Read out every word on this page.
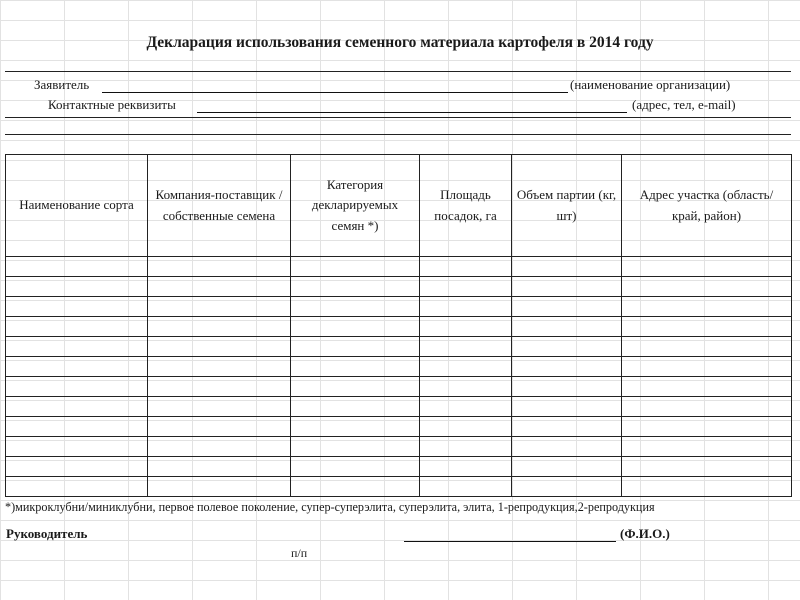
Декларация использования семенного материала картофеля в 2014 году
Заявитель	(наименование организации)
Контактные реквизиты	(адрес, тел, e-mail)
Наименование сорта	Компания-поставщик / собственные семена	Категория декларируемых семян *)	Площадь посадок, га	Объем партии (кг, шт)	Адрес участка (область/край, район)

*)микроклубни/миниклубни, первое полевое поколение, супер-суперэлита, суперэлита, элита, 1-репродукция,2-репродукция
Руководитель	(Ф.И.О.)
п/п
